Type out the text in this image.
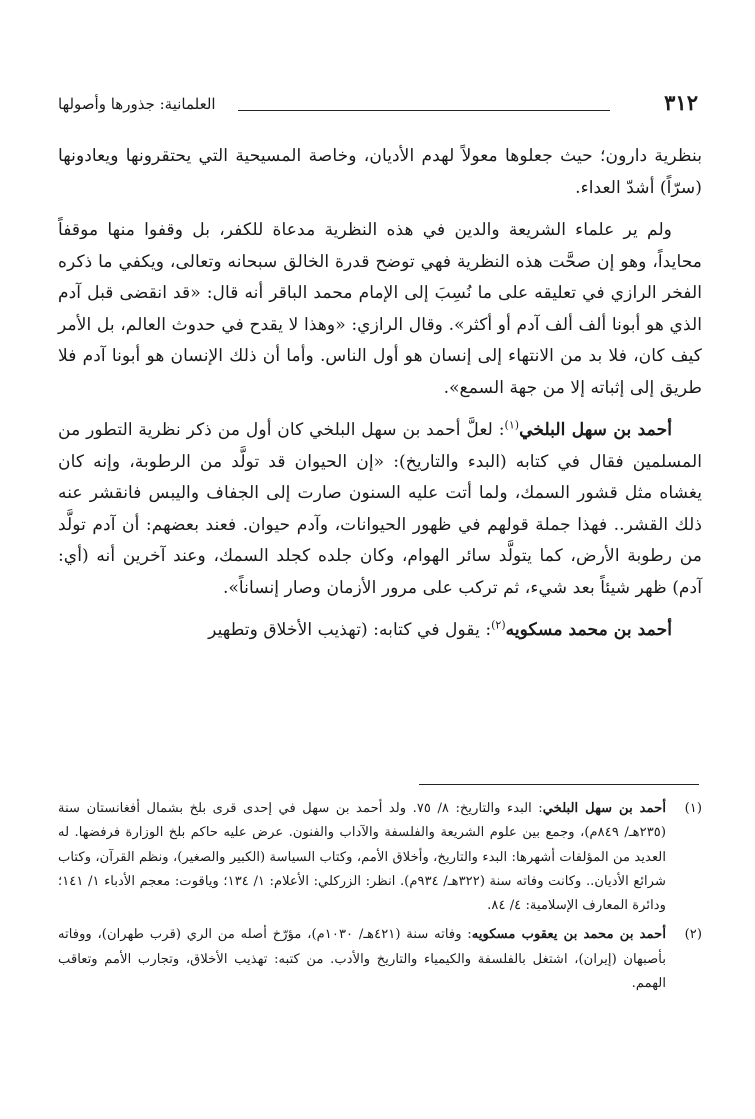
٣١٢
العلمانية: جذورها وأصولها

بنظرية دارون؛ حيث جعلوها معولاً لهدم الأديان، وخاصة المسيحية التي يحتقرونها ويعادونها (سرّاً) أشدّ العداء.

ولم ير علماء الشريعة والدين في هذه النظرية مدعاة للكفر، بل وقفوا منها موقفاً محايداً، وهو إن صحَّت هذه النظرية فهي توضح قدرة الخالق سبحانه وتعالى، ويكفي ما ذكره الفخر الرازي في تعليقه على ما نُسِبَ إلى الإمام محمد الباقر أنه قال: «قد انقضى قبل آدم الذي هو أبونا ألف ألف آدم أو أكثر». وقال الرازي: «وهذا لا يقدح في حدوث العالم، بل الأمر كيف كان، فلا بد من الانتهاء إلى إنسان هو أول الناس. وأما أن ذلك الإنسان هو أبونا آدم فلا طريق إلى إثباته إلا من جهة السمع».

أحمد بن سهل البلخي$^{(١)}$: لعلَّ أحمد بن سهل البلخي كان أول من ذكر نظرية التطور من المسلمين فقال في كتابه (البدء والتاريخ): «إن الحيوان قد تولَّد من الرطوبة، وإنه كان يغشاه مثل قشور السمك، ولما أتت عليه السنون صارت إلى الجفاف واليبس فانقشر عنه ذلك القشر.. فهذا جملة قولهم في ظهور الحيوانات، وآدم حيوان. فعند بعضهم: أن آدم تولَّد من رطوبة الأرض، كما يتولَّد سائر الهوام، وكان جلده كجلد السمك، وعند آخرين أنه (أي: آدم) ظهر شيئاً بعد شيء، ثم تركب على مرور الأزمان وصار إنساناً».

أحمد بن محمد مسكويه$^{(٢)}$: يقول في كتابه: (تهذيب الأخلاق وتطهير

(١)
أحمد بن سهل البلخي: البدء والتاريخ: ٨/ ٧٥. ولد أحمد بن سهل في إحدى قرى بلخ بشمال أفغانستان سنة (٢٣٥هـ/ ٨٤٩م)، وجمع بين علوم الشريعة والفلسفة والآداب والفنون. عرض عليه حاكم بلخ الوزارة فرفضها. له العديد من المؤلفات أشهرها: البدء والتاريخ، وأخلاق الأمم، وكتاب السياسة (الكبير والصغير)، ونظم القرآن، وكتاب شرائع الأديان.. وكانت وفاته سنة (٣٢٢هـ/ ٩٣٤م). انظر: الزركلي: الأعلام: ١/ ١٣٤؛ وياقوت: معجم الأدباء ١/ ١٤١؛ ودائرة المعارف الإسلامية: ٤/ ٨٤.
(٢)
أحمد بن محمد بن يعقوب مسكويه: وفاته سنة (٤٢١هـ/ ١٠٣٠م)، مؤرّخ أصله من الري (قرب طهران)، ووفاته بأصبهان (إيران)، اشتغل بالفلسفة والكيمياء والتاريخ والأدب. من كتبه: تهذيب الأخلاق، وتجارب الأمم وتعاقب الهمم.
